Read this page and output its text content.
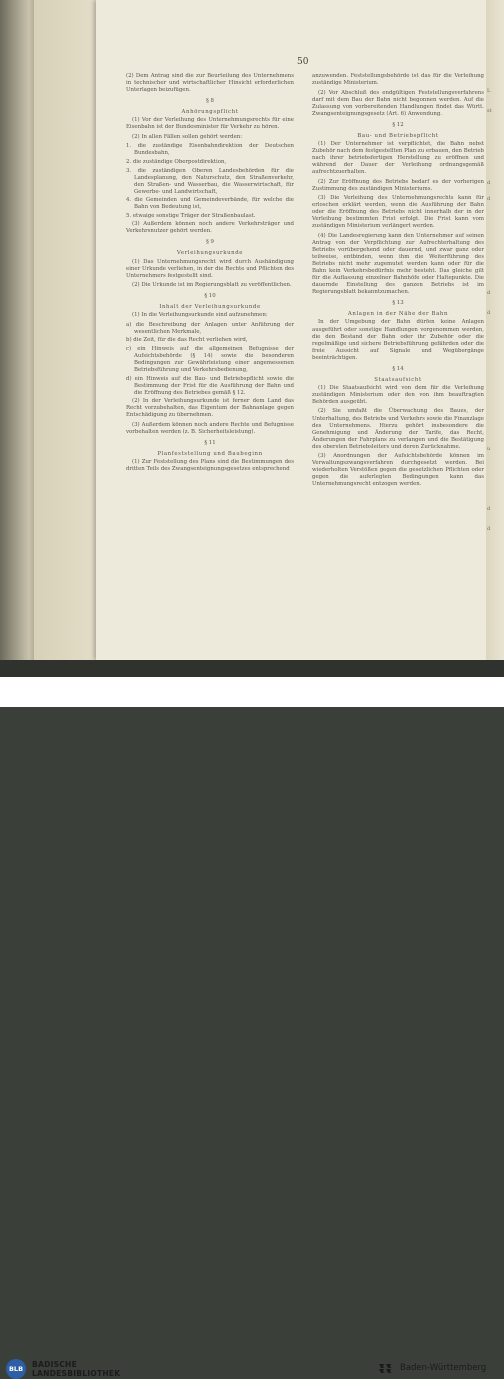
50

(2) Dem Antrag sind die zur Beurteilung des Unternehmens in technischer und wirtschaftlicher Hinsicht erforderlichen Unterlagen beizufügen.

§ 8

Anhörungspflicht

(1) Vor der Verleihung des Unternehmungsrechts für eine Eisenbahn ist der Bundesminister für Verkehr zu hören.

(2) In allen Fällen sollen gehört werden:

1. die zuständige Eisenbahndirektion der Deutschen Bundesbahn,

2. die zuständige Oberpostdirektion,

3. die zuständigen Oberen Landesbehörden für die Landesplanung, den Naturschutz, den Straßenverkehr, den Straßen- und Wasserbau, die Wasserwirtschaft, für Gewerbe- und Landwirtschaft,

4. die Gemeinden und Gemeindeverbände, für welche die Bahn von Bedeutung ist,

5. etwaige sonstige Träger der Straßenbaulast.

(3) Außerdem können noch andere Verkehrsträger und Verkehrsnutzer gehört werden.

§ 9

Verleihungsurkunde

(1) Das Unternehmungsrecht wird durch Aushändigung einer Urkunde verliehen, in der die Rechte und Pflichten des Unternehmers festgestellt sind.

(2) Die Urkunde ist im Regierungsblatt zu veröffentlichen.

§ 10

Inhalt der Verleihungsurkunde

(1) In die Verleihungsurkunde sind aufzunehmen:

a) die Beschreibung der Anlagen unter Anführung der wesentlichen Merkmale,

b) die Zeit, für die das Recht verliehen wird,

c) ein Hinweis auf die allgemeinen Befugnisse der Aufsichtsbehörde (§ 14) sowie die besonderen Bedingungen zur Gewährleistung einer angemessenen Betriebsführung und Verkehrsbedienung,

d) ein Hinweis auf die Bau- und Betriebspflicht sowie die Bestimmung der Frist für die Ausführung der Bahn und die Eröffnung des Betriebes gemäß § 12.

(2) In der Verleihungsurkunde ist ferner dem Land das Recht vorzubehalten, das Eigentum der Bahnanlage gegen Entschädigung zu übernehmen.

(3) Außerdem können noch andere Rechte und Befugnisse vorbehalten werden (z. B. Sicherheitsleistung).

§ 11

Planfeststellung und Baubeginn

(1) Zur Feststellung des Plans sind die Bestimmungen des dritten Teils des Zwangsenteignungsgesetzes entsprechend

anzuwenden. Feststellungsbehörde ist das für die Verleihung zuständige Ministerium.

(2) Vor Abschluß des endgültigen Feststellungsverfahrens darf mit dem Bau der Bahn nicht begonnen werden. Auf die Zulassung von vorbereitenden Handlungen findet das Württ. Zwangsenteignungsgesetz (Art. 6) Anwendung.

§ 12

Bau- und Betriebspflicht

(1) Der Unternehmer ist verpflichtet, die Bahn nebst Zubehör nach dem festgestellten Plan zu erbauen, den Betrieb nach ihrer betriebsfertigen Herstellung zu eröffnen und während der Dauer der Verleihung ordnungsgemäß aufrechtzuerhalten.

(2) Zur Eröffnung des Betriebs bedarf es der vorherigen Zustimmung des zuständigen Ministeriums.

(3) Die Verleihung des Unternehmungsrechts kann für erloschen erklärt werden, wenn die Ausführung der Bahn oder die Eröffnung des Betriebs nicht innerhalb der in der Verleihung bestimmten Frist erfolgt. Die Frist kann vom zuständigen Ministerium verlängert werden.

(4) Die Landesregierung kann den Unternehmer auf seinen Antrag von der Verpflichtung zur Aufrechterhaltung des Betriebs vorübergehend oder dauernd, und zwar ganz oder teilweise, entbinden, wenn ihm die Weiterführung des Betriebs nicht mehr zugemutet werden kann oder für die Bahn kein Verkehrsbedürfnis mehr besteht. Das gleiche gilt für die Auflassung einzelner Bahnhöfe oder Haltepunkte. Die dauernde Einstellung des ganzen Betriebs ist im Regierungsblatt bekanntzumachen.

§ 13

Anlagen in der Nähe der Bahn

In der Umgebung der Bahn dürfen keine Anlagen ausgeführt oder sonstige Handlungen vorgenommen werden, die den Bestand der Bahn oder ihr Zubehör oder die regelmäßige und sichere Betriebsführung gefährden oder die freie Aussicht auf Signale und Wegübergänge beeinträchtigen.

§ 14

Staatsaufsicht

(1) Die Staatsaufsicht wird von dem für die Verleihung zuständigen Ministerium oder den von ihm beauftragten Behörden ausgeübt.

(2) Sie umfaßt die Überwachung des Baues, der Unterhaltung, des Betriebs und Verkehrs sowie die Finanzlage des Unternehmens. Hierzu gehört insbesondere die Genehmigung und Änderung der Tarife, das Recht, Änderungen der Fahrplans zu verlangen und die Bestätigung des obersten Betriebsleiters und deren Zurücknahme.

(3) Anordnungen der Aufsichtsbehörde können im Verwaltungszwangsverfahren durchgesetzt werden. Bei wiederholten Verstößen gegen die gesetzlichen Pflichten oder gegen die auferlegten Bedingungen kann das Unternehmungsrecht entzogen werden.

L
st
d
d
d
d
u
d
d
BLB	BADISCHE
LANDESBIBLIOTHEK
Baden-Württemberg
